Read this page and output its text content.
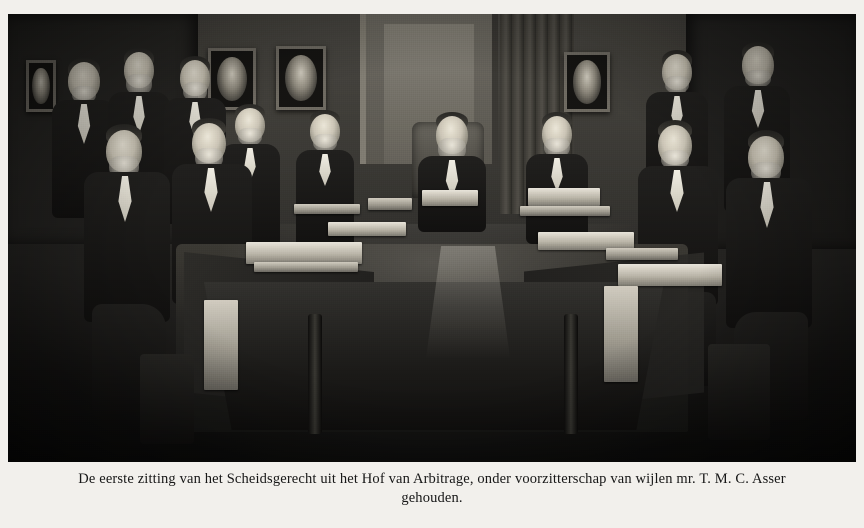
De eerste zitting van het Scheidsgerecht uit het Hof van Arbitrage, onder voorzitterschap van wijlen mr. T. M. C. Asser
gehouden.
